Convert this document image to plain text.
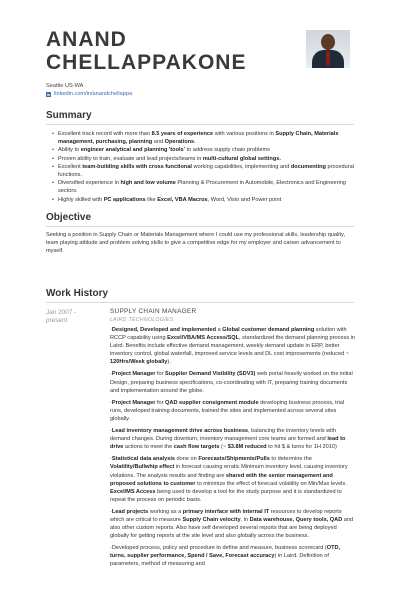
ANAND
CHELLAPPAKONE
Seattle US-WA
in linkedin.com/in/anandchellappa
Summary
• Excellent track record with more than 8.5 years of experience with various positions in Supply Chain, Materials management, purchasing, planning and Operations.
• Ability to engineer analytical and planning 'tools' to address supply chain problems
• Proven ability to train, evaluate and lead projects/teams in multi-cultural global settings.
• Excellent team-building skills with cross functional working capabilities, implementing and documenting procedural functions.
• Diversified experience in high and low volume Planning & Procurement in Automobile, Electronics and Engineering sectors.
• Highly skilled with PC applications like Excel, VBA Macros, Word, Visio and Power point
Objective
Seeking a position in Supply Chain or Materials Management where I could use my professional skills, leadership quality, team playing attitude and problem solving skills to give a competitive edge for my employer and career advancement to myself.
Work History
Jan 2007 -
present
SUPPLY CHAIN MANAGER
LAIRD TECHNOLOGIES

·Designed, Developed and implemented a Global customer demand planning solution with RCCP capability using Excel/VBA/MS Access/SQL, standardized the demand planning process in Laird. Benefits include effective demand management, weekly demand update in ERP, better inventory control, global waterfall, improved service levels and DL cost improvements (reduced ~ 120Hrs/Week globally).

·Project Manager for Supplier Demand Visibility (SDV3) web portal heavily worked on the initial Design, preparing business specifications, co-coordinating with IT, preparing training documents and implementation around the globe.

·Project Manager for QAD supplier consignment module developing business process, trial runs, developed training documents, trained the sites and implemented across several sites globally.

·Lead inventory management drive across business, balancing the inventory levels with demand changes. During downturn, inventory management core teams are formed and lead to drive actions to meet the cash flow targets (~ $3.8M reduced to hit $ & turns for 1H 2010)

·Statistical data analysis done on Forecasts/Shipments/Pulls to determine the Volatility/Bullwhip effect in forecast causing erratic Minimum inventory level, causing inventory violations. The analysis results and finding are shared with the senior management and proposed solutions to customer to minimize the effect of forecast volatility on Min/Max levels. Excel/MS Access being used to develop a tool for the study purpose and it is standardized to repeat the process on periodic basis.

·Lead projects working as a primary interface with internal IT resources to develop reports which are critical to measure Supply Chain velocity, in Data warehouse, Query tools, QAD and also other custom reports. Also have self developed several reports that are being deployed globally for getting reports at the site level and also globally across the business.

·Developed process, policy and procedure to define and measure, business scorecard (OTD, turns, supplier performance, Spend / Save, Forecast accuracy) in Laird. Definition of parameters, method of measuring and
